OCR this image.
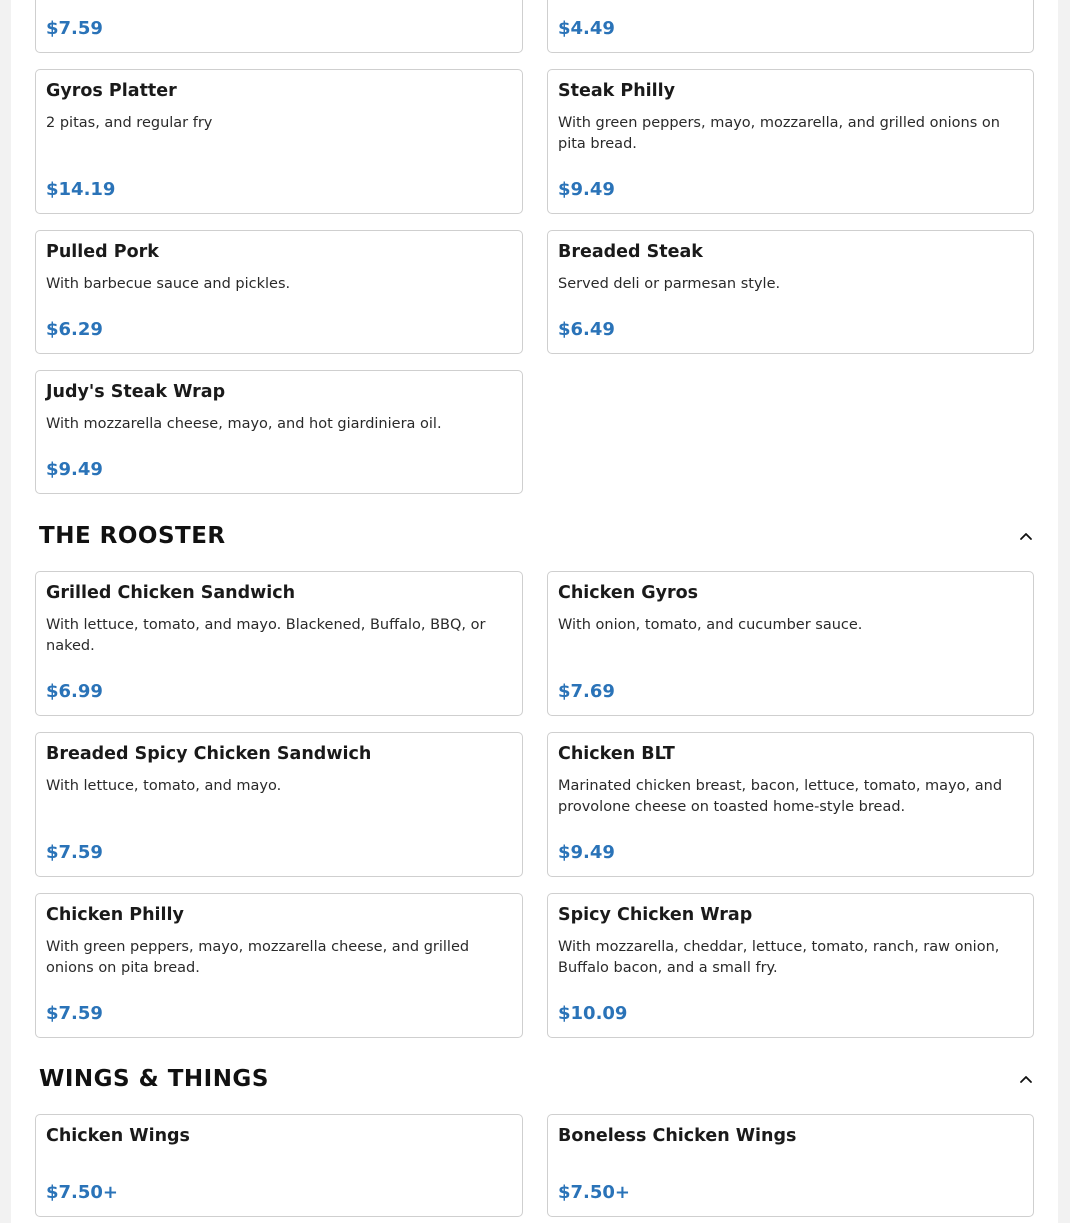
$7.59	$4.49
Gyros Platter
2 pitas, and regular fry
$14.19
Steak Philly
With green peppers, mayo, mozzarella, and grilled onions on pita bread.
$9.49
Pulled Pork
With barbecue sauce and pickles.
$6.29
Breaded Steak
Served deli or parmesan style.
$6.49
Judy's Steak Wrap
With mozzarella cheese, mayo, and hot giardiniera oil.
$9.49
THE ROOSTER
Grilled Chicken Sandwich
With lettuce, tomato, and mayo. Blackened, Buffalo, BBQ, or naked.
$6.99
Chicken Gyros
With onion, tomato, and cucumber sauce.
$7.69
Breaded Spicy Chicken Sandwich
With lettuce, tomato, and mayo.
$7.59
Chicken BLT
Marinated chicken breast, bacon, lettuce, tomato, mayo, and provolone cheese on toasted home-style bread.
$9.49
Chicken Philly
With green peppers, mayo, mozzarella cheese, and grilled onions on pita bread.
$7.59
Spicy Chicken Wrap
With mozzarella, cheddar, lettuce, tomato, ranch, raw onion, Buffalo bacon, and a small fry.
$10.09
WINGS & THINGS
Chicken Wings
$7.50+
Boneless Chicken Wings
$7.50+
